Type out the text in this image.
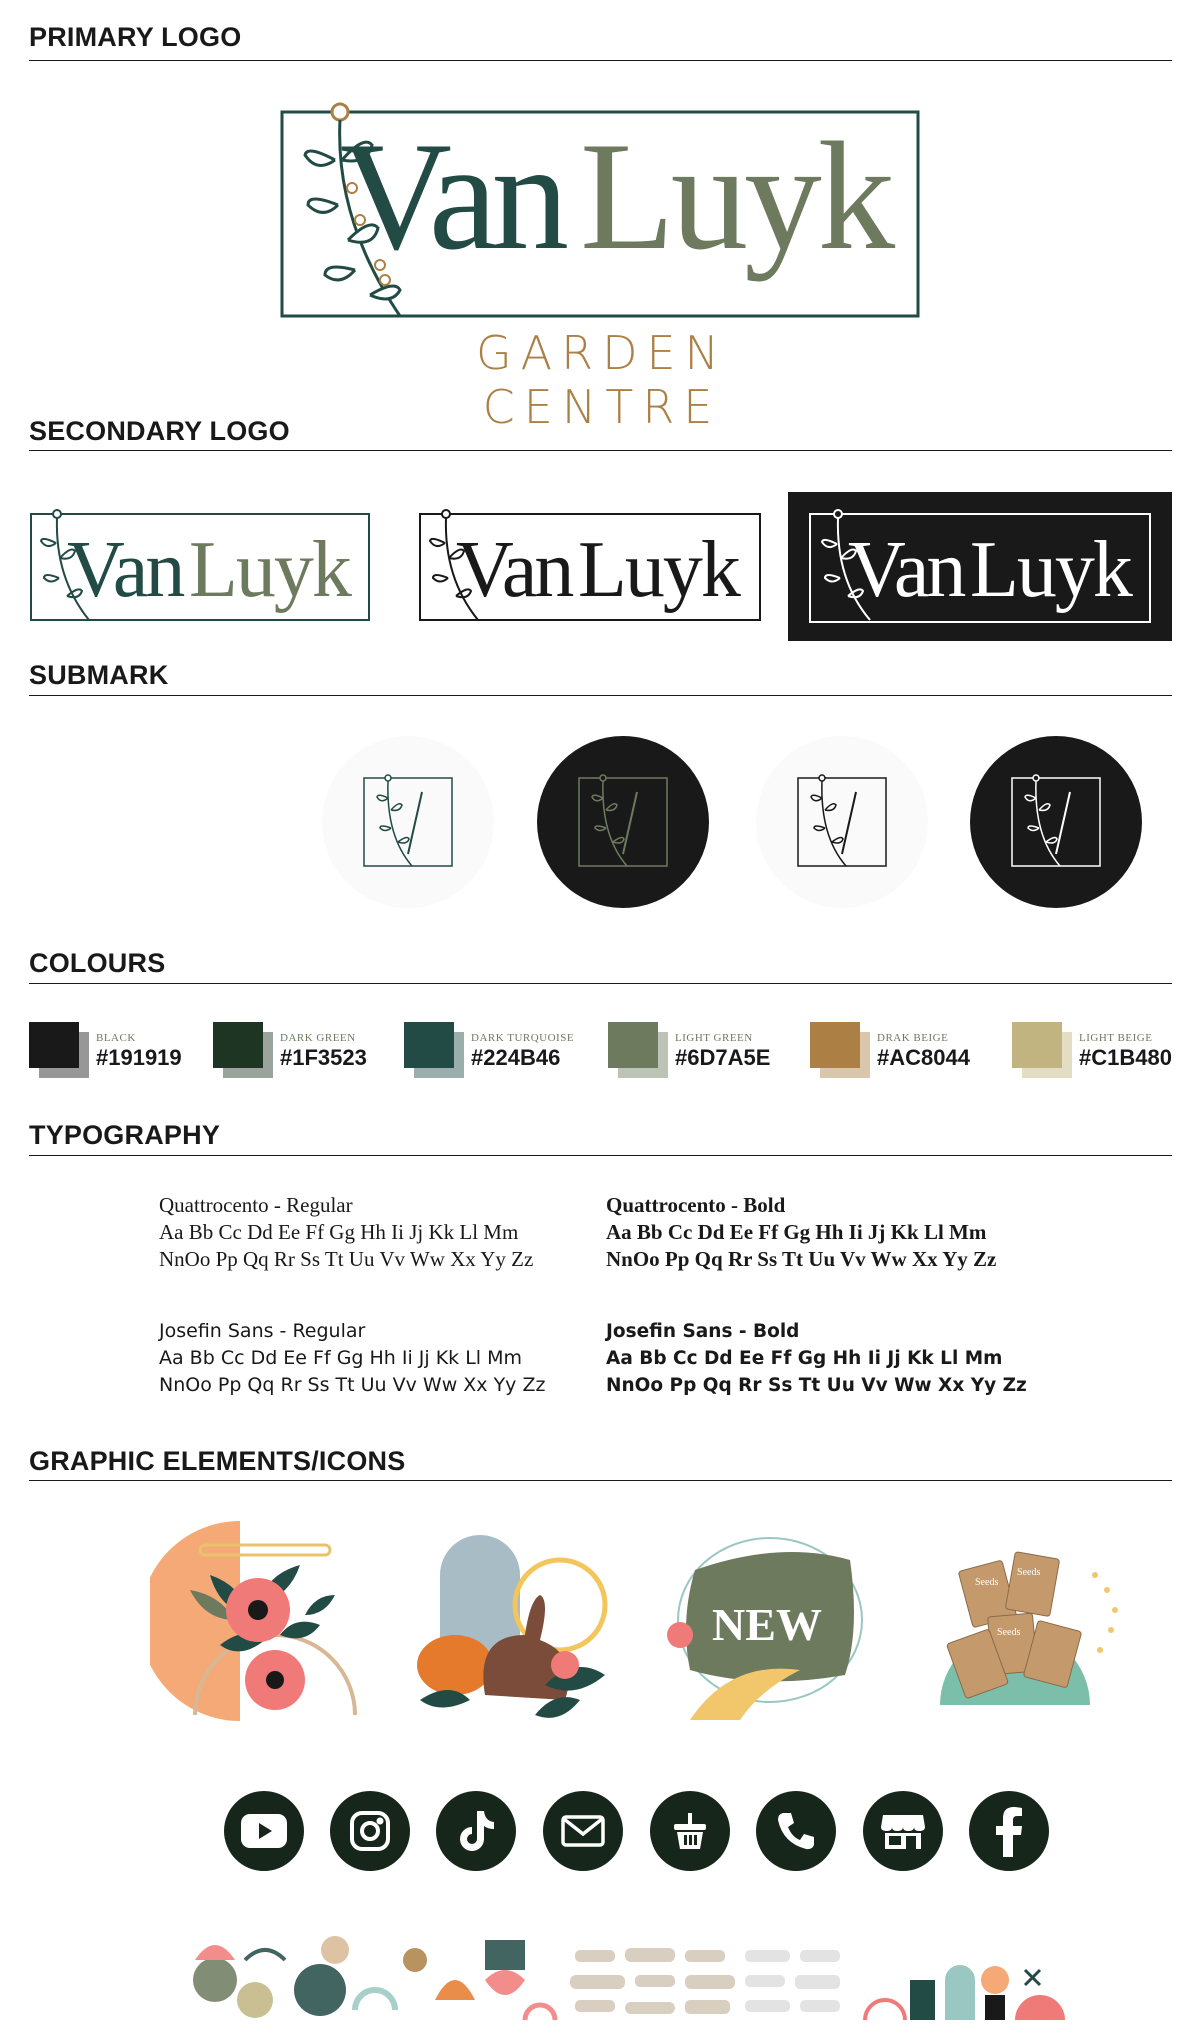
PRIMARY LOGO
Van Luyk
GARDEN CENTRE
SECONDARY LOGO
Van Luyk Van Luyk Van Luyk
SUBMARK
COLOURS
BLACK
#191919
DARK GREEN
#1F3523
DARK TURQUOISE
#224B46
LIGHT GREEN
#6D7A5E
DRAK BEIGE
#AC8044
LIGHT BEIGE
#C1B480
TYPOGRAPHY
Quattrocento - Regular
Aa Bb Cc Dd Ee Ff Gg Hh Ii Jj Kk Ll Mm
NnOo Pp Qq Rr Ss Tt Uu Vv Ww Xx Yy Zz
Quattrocento - Bold
Aa Bb Cc Dd Ee Ff Gg Hh Ii Jj Kk Ll Mm
NnOo Pp Qq Rr Ss Tt Uu Vv Ww Xx Yy Zz
Josefin Sans - Regular
Aa Bb Cc Dd Ee Ff Gg Hh Ii Jj Kk Ll Mm
NnOo Pp Qq Rr Ss Tt Uu Vv Ww Xx Yy Zz
Josefin Sans - Bold
Aa Bb Cc Dd Ee Ff Gg Hh Ii Jj Kk Ll Mm
NnOo Pp Qq Rr Ss Tt Uu Vv Ww Xx Yy Zz
GRAPHIC ELEMENTS/ICONS
NEW
Seeds
Seeds
Seeds
